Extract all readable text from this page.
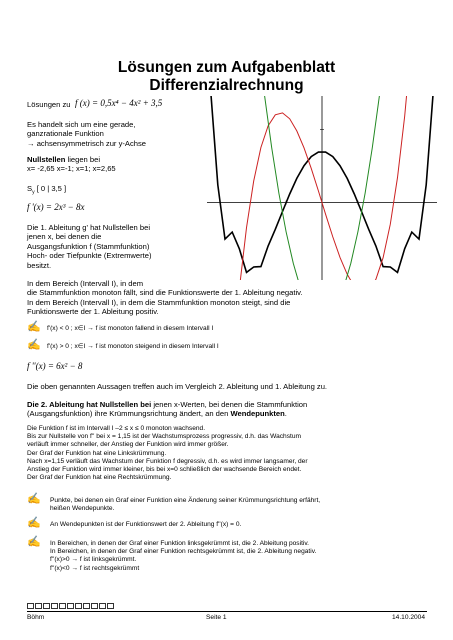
Lösungen zum Aufgabenblatt
Differenzialrechnung
Lösungen zu f (x) = 0,5x⁴ − 4x² + 3,5
Es handelt sich um eine gerade,
ganzrationale Funktion
→ achsensymmetrisch zur y-Achse
Nullstellen liegen bei
x= -2,65 x=-1; x=1; x=2,65
$S_y$ [ 0 | 3,5 ]
f '(x) = 2x³ − 8x
Die 1. Ableitung g' hat Nullstellen bei
jenen x, bei denen die
Ausgangsfunktion f (Stammfunktion)
Hoch- oder Tiefpunkte (Extremwerte)
besitzt.
In dem Bereich (Intervall I), in dem
die Stammfunktion monoton fällt, sind die Funktionswerte der 1. Ableitung negativ.
In dem Bereich (Intervall I), in dem die Stammfunktion monoton steigt, sind die
Funktionswerte der 1. Ableitung positiv.
✍ f'(x) < 0 ; x∈I → f ist monoton fallend in diesem Intervall I
✍ f'(x) > 0 ; x∈I → f ist monoton steigend in diesem Intervall I
f ''(x) = 6x² − 8
Die oben genannten Aussagen treffen auch im Vergleich 2. Ableitung und 1. Ableitung zu.
Die 2. Ableitung hat Nullstellen bei jenen x-Werten, bei denen die Stammfunktion
(Ausgangsfunktion) ihre Krümmungsrichtung ändert, an den Wendepunkten.
Die Funktion f ist im Intervall I –2 ≤ x ≤ 0 monoton wachsend.
Bis zur Nullstelle von f'' bei x = 1,15 ist der Wachstumsprozess progressiv, d.h. das Wachstum
verläuft immer schneller, der Anstieg der Funktion wird immer größer.
Der Graf der Funktion hat eine Linkskrümmung.
Nach x=1,15 verläuft das Wachstum der Funktion f degressiv, d.h. es wird immer langsamer, der
Anstieg der Funktion wird immer kleiner, bis bei x=0 schließlich der wachsende Bereich endet.
Der Graf der Funktion hat eine Rechtskrümmung.
✍ Punkte, bei denen ein Graf einer Funktion eine Änderung seiner Krümmungsrichtung erfährt,
heißen Wendepunkte.
✍ An Wendepunkten ist der Funktionswert der 2. Ableitung f''(x) = 0.
✍ In Bereichen, in denen der Graf einer Funktion linksgekrümmt ist, die 2. Ableitung positiv.
In Bereichen, in denen der Graf einer Funktion rechtsgekrümmt ist, die 2. Ableitung negativ.
f''(x)>0 → f ist linksgekrümmt.
f''(x)<0 → f ist rechtsgekrümmt
Böhm	Seite 1	14.10.2004
